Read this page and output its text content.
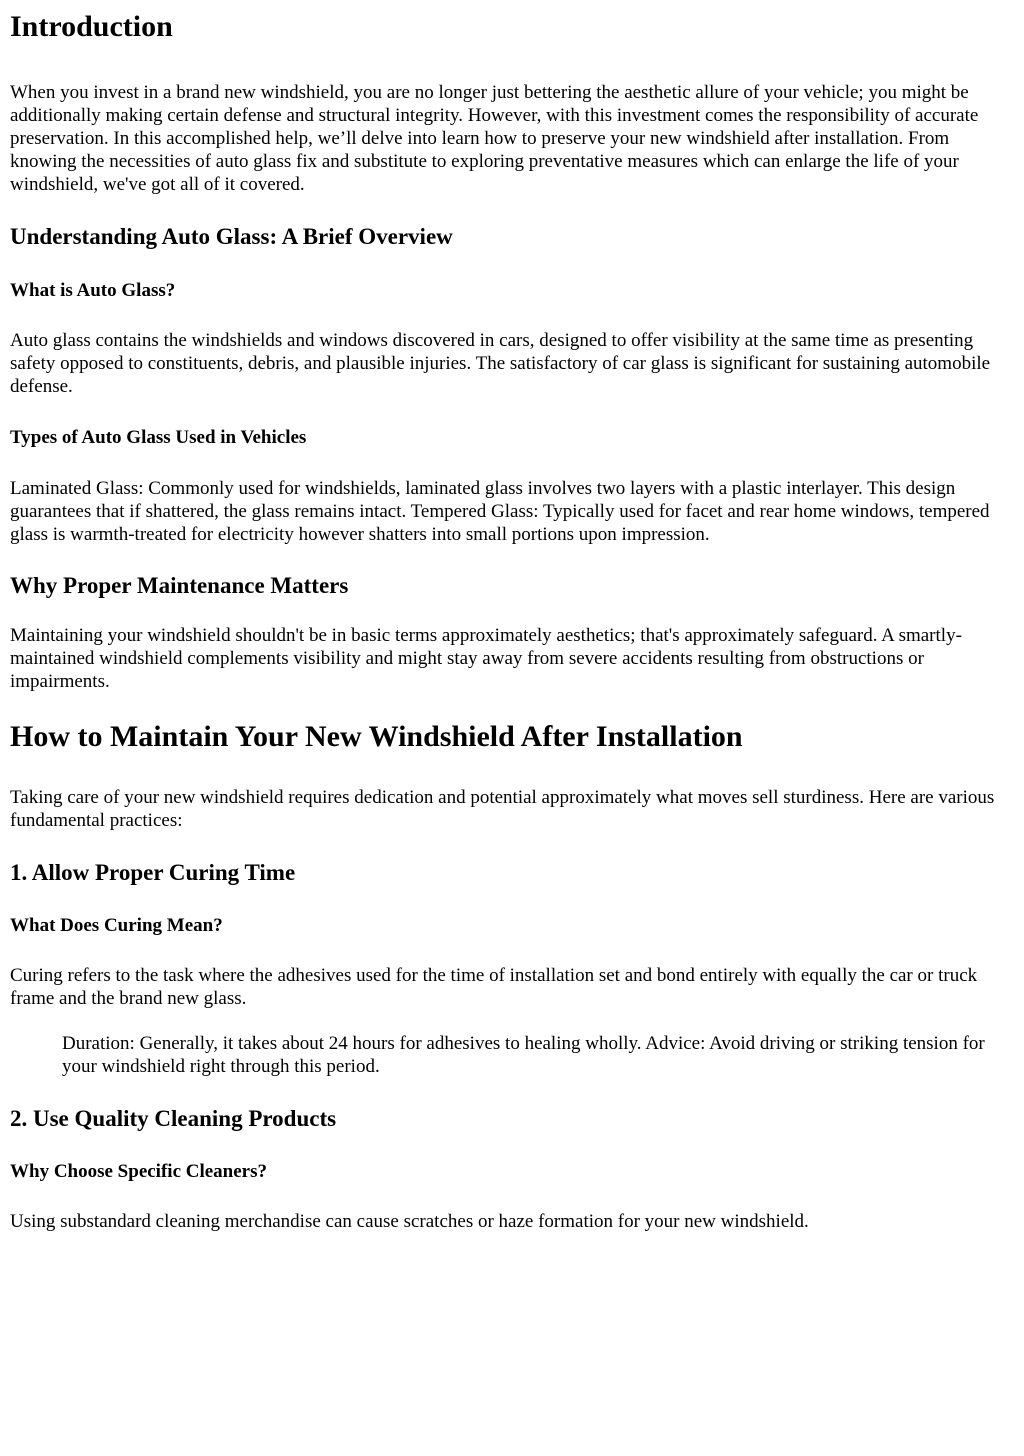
Introduction

When you invest in a brand new windshield, you are no longer just bettering the aesthetic allure of your vehicle; you might be additionally making certain defense and structural integrity. However, with this investment comes the responsibility of accurate preservation. In this accomplished help, we’ll delve into learn how to preserve your new windshield after installation. From knowing the necessities of auto glass fix and substitute to exploring preventative measures which can enlarge the life of your windshield, we've got all of it covered.

Understanding Auto Glass: A Brief Overview
What is Auto Glass?

Auto glass contains the windshields and windows discovered in cars, designed to offer visibility at the same time as presenting safety opposed to constituents, debris, and plausible injuries. The satisfactory of car glass is significant for sustaining automobile defense.

Types of Auto Glass Used in Vehicles

Laminated Glass: Commonly used for windshields, laminated glass involves two layers with a plastic interlayer. This design guarantees that if shattered, the glass remains intact. Tempered Glass: Typically used for facet and rear home windows, tempered glass is warmth-treated for electricity however shatters into small portions upon impression.

Why Proper Maintenance Matters

Maintaining your windshield shouldn't be in basic terms approximately aesthetics; that's approximately safeguard. A smartly-maintained windshield complements visibility and might stay away from severe accidents resulting from obstructions or impairments.

How to Maintain Your New Windshield After Installation

Taking care of your new windshield requires dedication and potential approximately what moves sell sturdiness. Here are various fundamental practices:

1. Allow Proper Curing Time
What Does Curing Mean?

Curing refers to the task where the adhesives used for the time of installation set and bond entirely with equally the car or truck frame and the brand new glass.

Duration: Generally, it takes about 24 hours for adhesives to healing wholly. Advice: Avoid driving or striking tension for your windshield right through this period.
2. Use Quality Cleaning Products
Why Choose Specific Cleaners?

Using substandard cleaning merchandise can cause scratches or haze formation for your new windshield.
